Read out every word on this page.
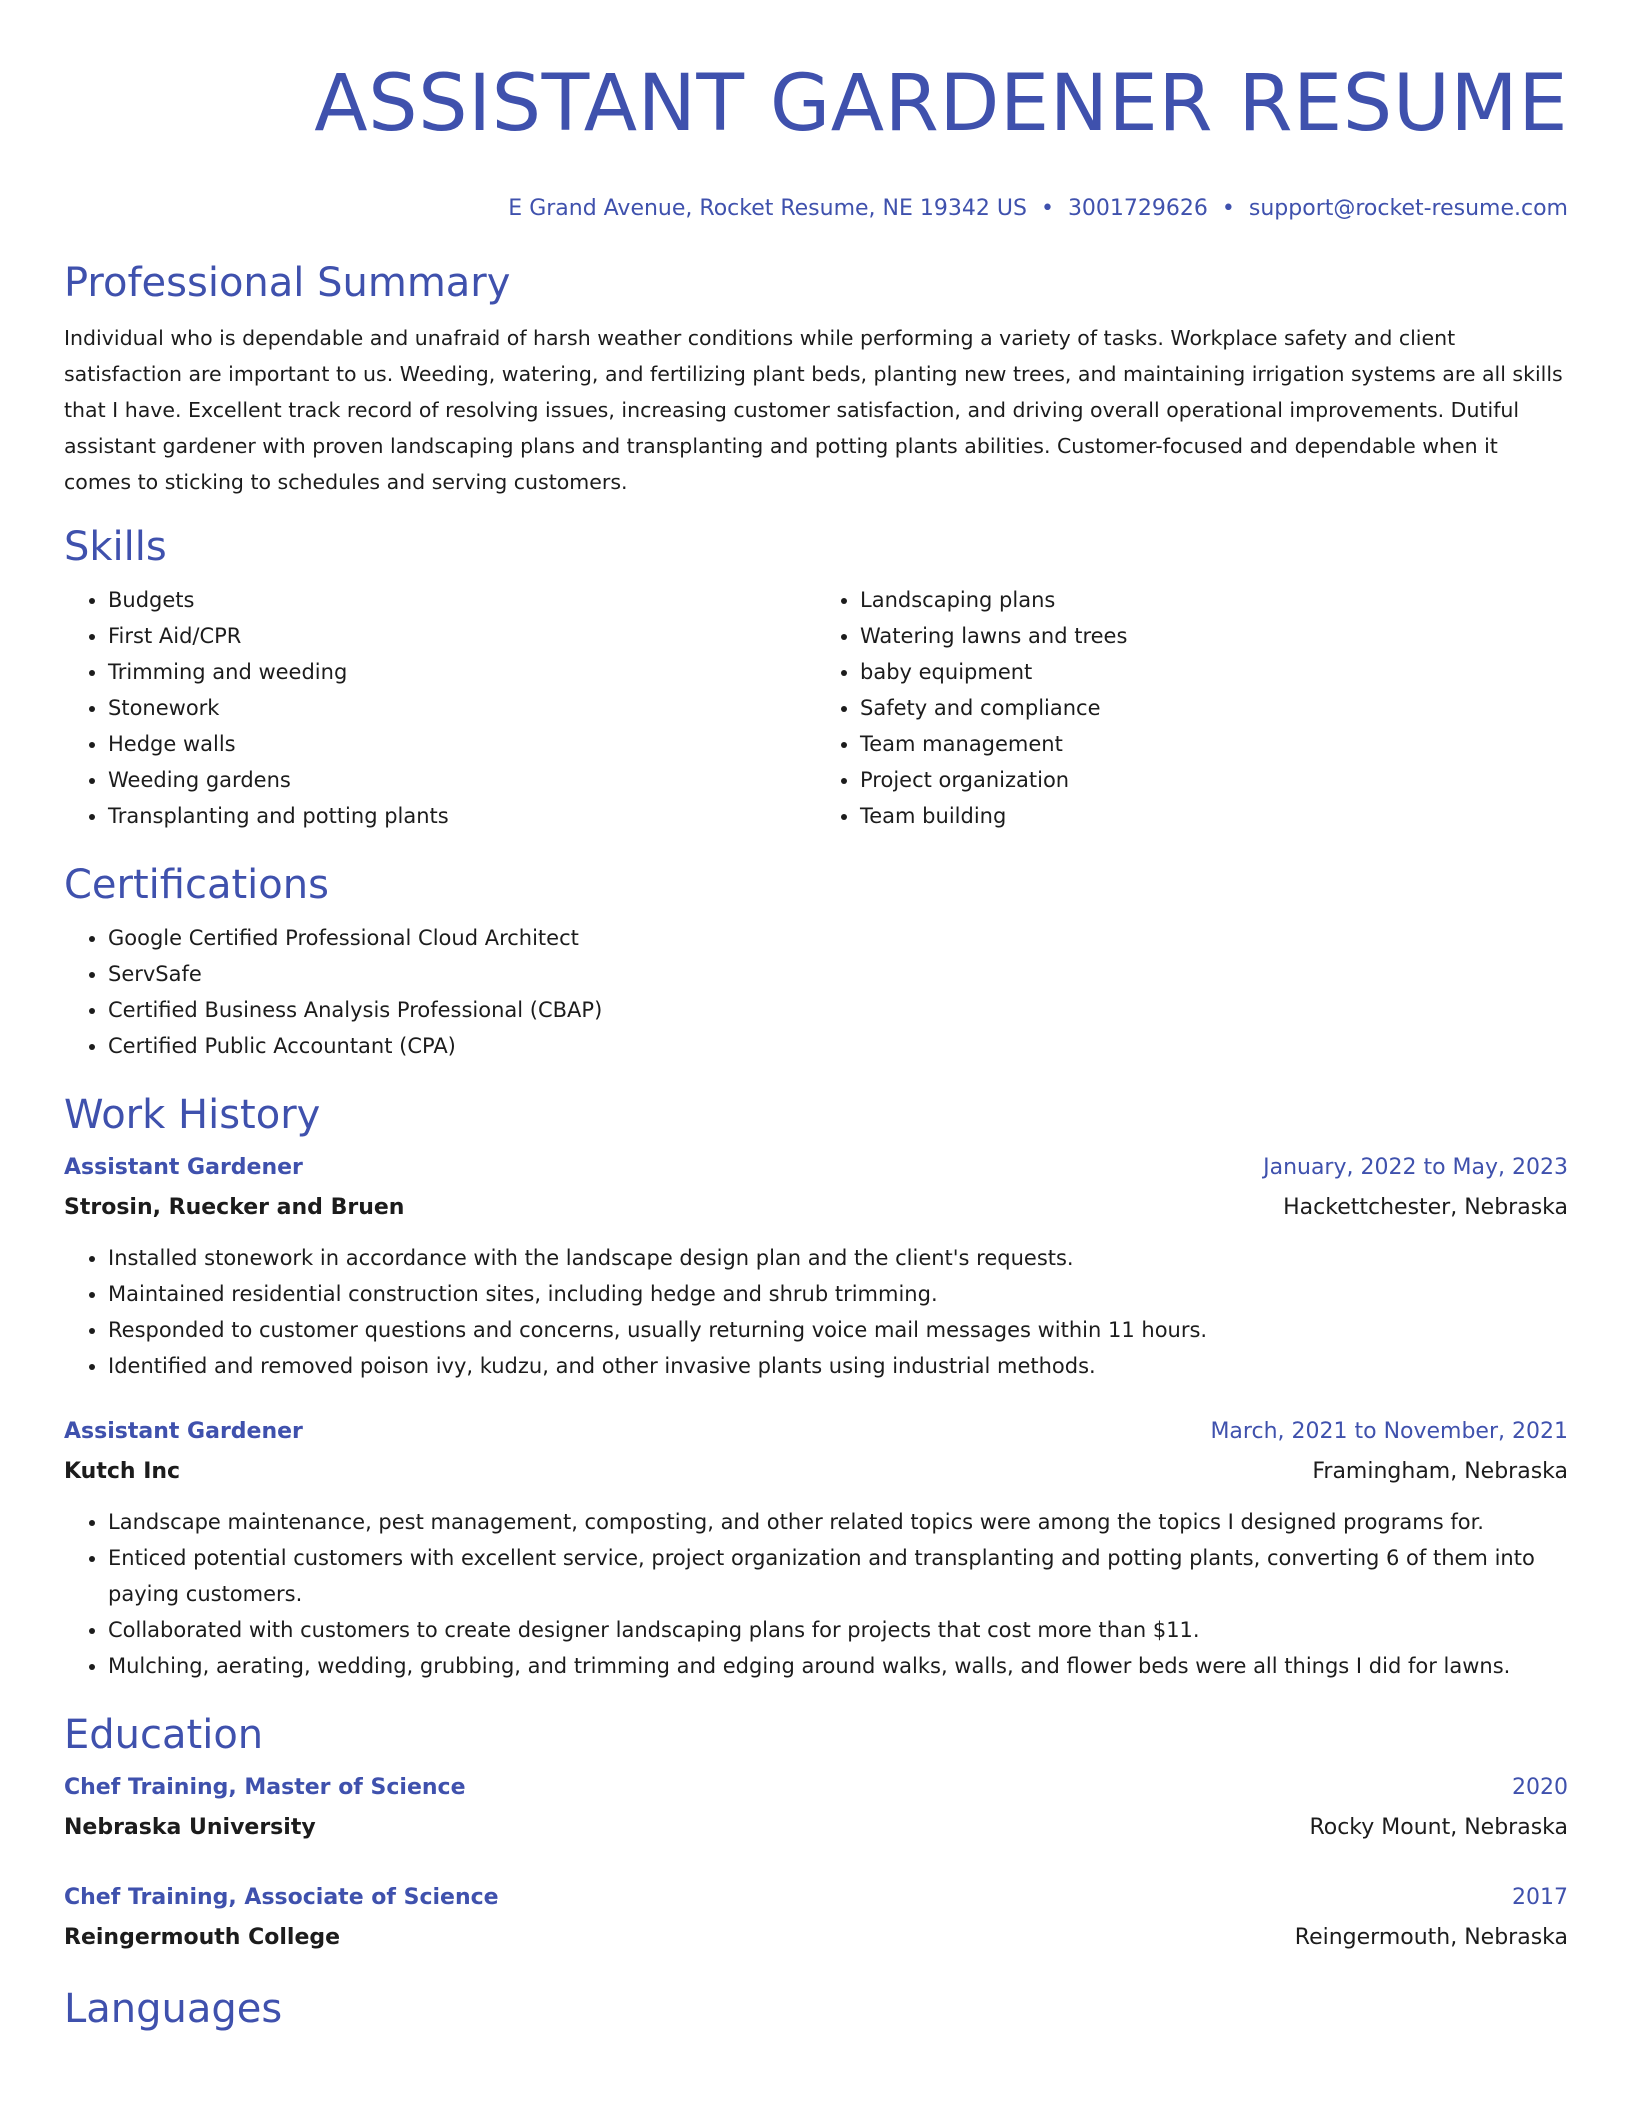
ASSISTANT GARDENER RESUME
E Grand Avenue, Rocket Resume, NE 19342 US • 3001729626 • support@rocket-resume.com
Professional Summary

Individual who is dependable and unafraid of harsh weather conditions while performing a variety of tasks. Workplace safety and client satisfaction are important to us. Weeding, watering, and fertilizing plant beds, planting new trees, and maintaining irrigation systems are all skills that I have. Excellent track record of resolving issues, increasing customer satisfaction, and driving overall operational improvements. Dutiful assistant gardener with proven landscaping plans and transplanting and potting plants abilities. Customer-focused and dependable when it comes to sticking to schedules and serving customers.

Skills
• Budgets
• First Aid/CPR
• Trimming and weeding
• Stonework
• Hedge walls
• Weeding gardens
• Transplanting and potting plants
• Landscaping plans
• Watering lawns and trees
• baby equipment
• Safety and compliance
• Team management
• Project organization
• Team building
Certifications
• Google Certified Professional Cloud Architect
• ServSafe
• Certified Business Analysis Professional (CBAP)
• Certified Public Accountant (CPA)
Work History
Assistant Gardener	January, 2022 to May, 2023
Strosin, Ruecker and Bruen	Hackettchester, Nebraska
• Installed stonework in accordance with the landscape design plan and the client's requests.
• Maintained residential construction sites, including hedge and shrub trimming.
• Responded to customer questions and concerns, usually returning voice mail messages within 11 hours.
• Identified and removed poison ivy, kudzu, and other invasive plants using industrial methods.
Assistant Gardener	March, 2021 to November, 2021
Kutch Inc	Framingham, Nebraska
• Landscape maintenance, pest management, composting, and other related topics were among the topics I designed programs for.
• Enticed potential customers with excellent service, project organization and transplanting and potting plants, converting 6 of them into paying customers.
• Collaborated with customers to create designer landscaping plans for projects that cost more than $11.
• Mulching, aerating, wedding, grubbing, and trimming and edging around walks, walls, and flower beds were all things I did for lawns.
Education
Chef Training, Master of Science	2020
Nebraska University	Rocky Mount, Nebraska
Chef Training, Associate of Science	2017
Reingermouth College	Reingermouth, Nebraska
Languages
